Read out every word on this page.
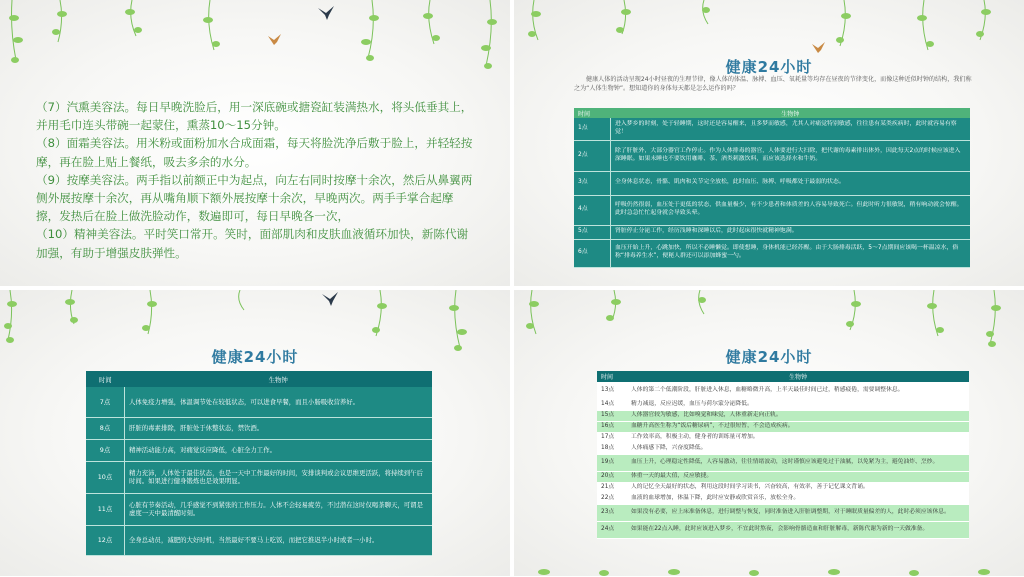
（7）汽熏美容法。每日早晚洗脸后，用一深底碗或搪瓷缸装满热水，将头低垂其上，并用毛巾连头带碗一起蒙住，熏蒸10～15分钟。

（8）面霜美容法。用米粉或面粉加水合成面霜，每天将脸洗净后敷于脸上，并轻轻按摩，再在脸上贴上餐纸，吸去多余的水分。

（9）按摩美容法。两手指以前额正中为起点，向左右同时按摩十余次，然后从鼻翼两侧外展按摩十余次，再从嘴角顺下额外展按摩十余次，早晚两次。两手手掌合起摩擦，发热后在脸上做洗脸动作，数遍即可，每日早晚各一次，

（10）精神美容法。平时笑口常开。笑时，面部肌肉和皮肤血液循环加快，新陈代谢加强，有助于增强皮肤弹性。

健康24小时
健康人体的活动呈现24小时昼夜的生理节律，像人体的体温、脉搏、血压、氧耗量等均存在昼夜的节律变化，而像这种近似时钟的结构，我们称之为“人体生物钟”。想知道你的身体每天都是怎么运作的吗？
时间	生物钟
1点	进入梦乡的时刻，处于轻睡期，这时还是容易醒来，且多梦而敏感，尤其人对痛觉特别敏感，往往患有某类疾病时，此时就容易有察觉！
2点	除了肝脏外，大部分器官工作停止。作为人体排毒的器官，人体要进行大扫除，把代谢的毒素排出体外，因此每天2点的时候应该进入深睡眠。如果未睡也不要饮用咖啡、茶、酒类刺激饮料，而应该选择水和牛奶。
3点	全身休息状态，骨骼、肌肉和关节完全放松，此时血压、脉搏、呼吸都处于最弱的状态。
4点	呼吸仍然很弱，血压处于更低的状态，供血量极少，有不少患者和体质差的人容易导致死亡。但此时听力很敏锐，稍有响动就会惊醒。此时急急忙忙起身就会导致头晕。
5点	肾脏停止分泌工作，经历浅睡和深睡以后，此时起床很快就精神饱满。
6点	血压开始上升，心跳加快，所以不必睡懒觉。即使想睡，身体机能已经苏醒。由于大肠排毒活跃，5～7点期间应该喝一杯温凉水，俗称“排毒养生水”，便秘人群还可以添加蜂蜜一勺。
健康24小时
时间	生物钟
7点	人体免疫力增强，体温调节处在较低状态，可以进食早餐，而且小肠吸收营养好。
8点	肝脏的毒素排除，肝脏处于休整状态，禁饮酒。
9点	精神活动能力高，对痛觉反应降低，心脏全力工作。
10点	精力充沛，人体处于最佳状态，也是一天中工作最好的时间，安排谈判或会议思维更活跃，将持续到午后时间。如果进行健身锻炼也是效果明显。
11点	心脏有节奏活动，几乎感觉不到紧张的工作压力。人体不会轻易疲劳，不过潜在这时仅喝茶聊天，可谓是虚度一天中最清醒时刻。
12点	全身总动员，减肥的大好时机，当然最好不要马上吃饭，而把它推迟半小时或者一小时。
健康24小时
时间	生物钟
13点	人体的第二个低潮阶段，肝脏进入休息，血糖略微升高，上半天最佳时间已过，稍感疲倦，需要调整休息。
14点	精力减退，反应迟缓，血压与荷尔蒙分泌降低。
15点	人体器官较为敏感，比如嗅觉和味觉，人体重新走向正轨。
16点	血糖升高医生称为“饭后糖尿病”，不过很短暂，不会造成疾病。
17点	工作效率高，积极主动，健身者的训练量可增加。
18点	人体痛感下降，兴奋度降低。
19点	血压上升，心理稳定性降低，人容易激动，往往情绪波动，这时谨慎应该避免过于油腻，以免紧为主，避免油炸、烹炒。
20点	体重一天的最大值，反应敏捷。
21点	人的记忆全天最好的状态，利用这段时间学习读书，兴奋较高，有效率，善于记忆课文背诵。
22点	血液的血球增加，体温下降，此时应安静或欣赏音乐，放松全身。
23点	如果没有必要，应上床准备休息，进行调整与恢复，同时准备进入肝脏调整期，对于睡眠质量偏差的人，此时必须应该休息。
24点	如果能在22点入睡，此时应该进入梦乡，不宜此时熬夜，会影响骨骼造血和肝脏解毒，新陈代谢为新的一天做准备。
